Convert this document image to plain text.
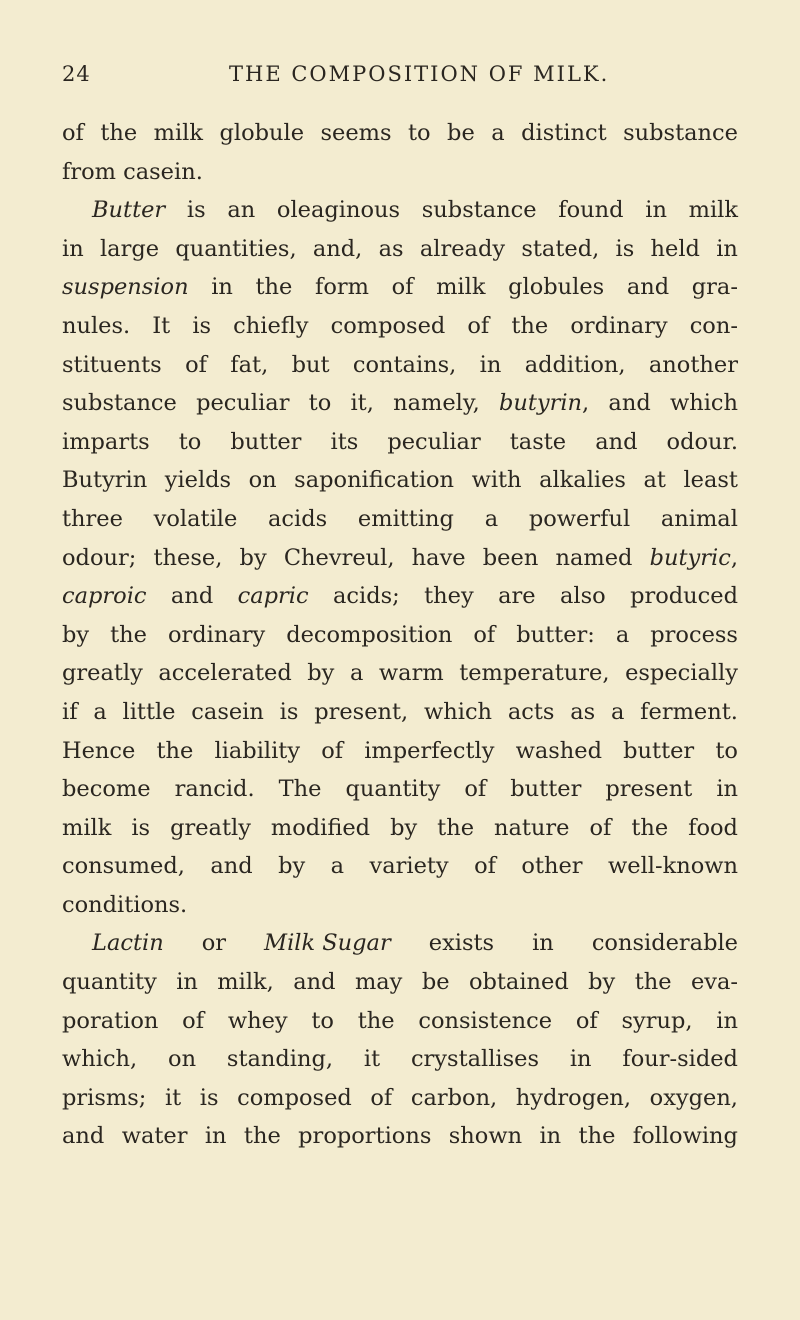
24	THE COMPOSITION OF MILK.
of the milk globule seems to be a distinct substance
from casein.
Butter is an oleaginous substance found in milk
in large quantities, and, as already stated, is held in
suspension in the form of milk globules and gra-
nules. It is chiefly composed of the ordinary con-
stituents of fat, but contains, in addition, another
substance peculiar to it, namely, butyrin, and which
imparts to butter its peculiar taste and odour.
Butyrin yields on saponification with alkalies at least
three volatile acids emitting a powerful animal
odour; these, by Chevreul, have been named butyric,
caproic and capric acids; they are also produced
by the ordinary decomposition of butter: a process
greatly accelerated by a warm temperature, especially
if a little casein is present, which acts as a ferment.
Hence the liability of imperfectly washed butter to
become rancid. The quantity of butter present in
milk is greatly modified by the nature of the food
consumed, and by a variety of other well-known
conditions.
Lactin or Milk Sugar exists in considerable
quantity in milk, and may be obtained by the eva-
poration of whey to the consistence of syrup, in
which, on standing, it crystallises in four-sided
prisms; it is composed of carbon, hydrogen, oxygen,
and water in the proportions shown in the following
